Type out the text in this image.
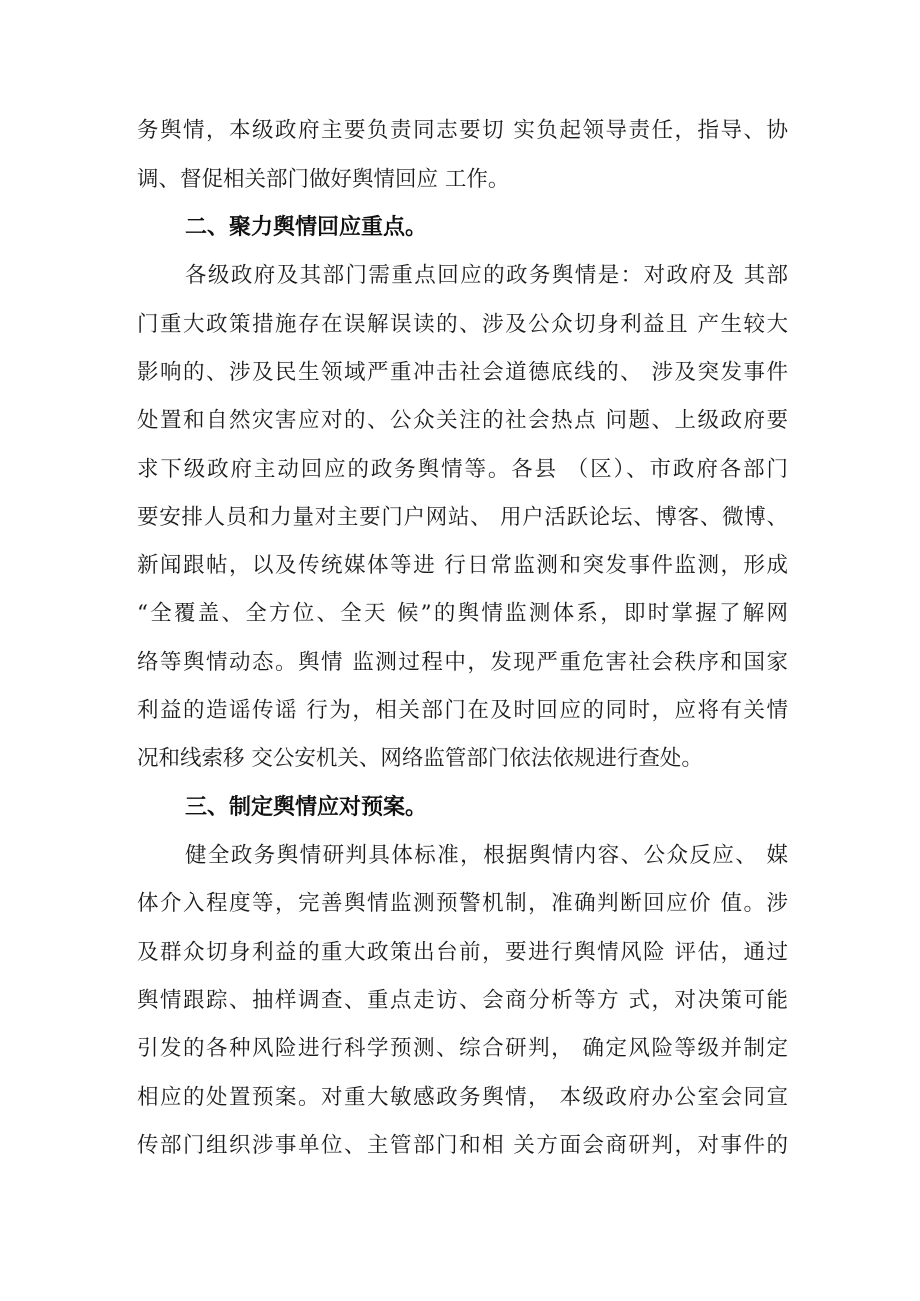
务舆情，本级政府主要负责同志要切 实负起领导责任，指导、协
调、督促相关部门做好舆情回应 工作。
二、聚力舆情回应重点。
各级政府及其部门需重点回应的政务舆情是：对政府及 其部
门重大政策措施存在误解误读的、涉及公众切身利益且 产生较大
影响的、涉及民生领域严重冲击社会道德底线的、 涉及突发事件
处置和自然灾害应对的、公众关注的社会热点 问题、上级政府要
求下级政府主动回应的政务舆情等。各县 （区）、市政府各部门
要安排人员和力量对主要门户网站、 用户活跃论坛、博客、微博、
新闻跟帖，以及传统媒体等进 行日常监测和突发事件监测，形成
“全覆盖、全方位、全天 候”的舆情监测体系，即时掌握了解网
络等舆情动态。舆情 监测过程中，发现严重危害社会秩序和国家
利益的造谣传谣 行为，相关部门在及时回应的同时，应将有关情
况和线索移 交公安机关、网络监管部门依法依规进行查处。
三、制定舆情应对预案。
健全政务舆情研判具体标准，根据舆情内容、公众反应、 媒
体介入程度等，完善舆情监测预警机制，准确判断回应价 值。涉
及群众切身利益的重大政策出台前，要进行舆情风险 评估，通过
舆情跟踪、抽样调查、重点走访、会商分析等方 式，对决策可能
引发的各种风险进行科学预测、综合研判， 确定风险等级并制定
相应的处置预案。对重大敏感政务舆情， 本级政府办公室会同宣
传部门组织涉事单位、主管部门和相 关方面会商研判，对事件的
